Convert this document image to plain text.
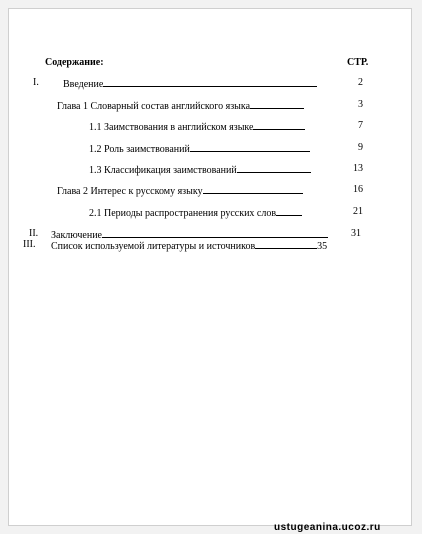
Содержание:	СТР.
I. Введение	2
Глава 1 Словарный состав английского языка	3
1.1 Заимствования в английском языке	7
1.2 Роль заимствований	9
1.3 Классификация заимствований	13
Глава 2 Интерес к русскому языку	16
2.1 Периоды распространения русских слов	21
II. Заключение	31
III. Список используемой литературы и источников	35
ustugeanina.ucoz.ru
